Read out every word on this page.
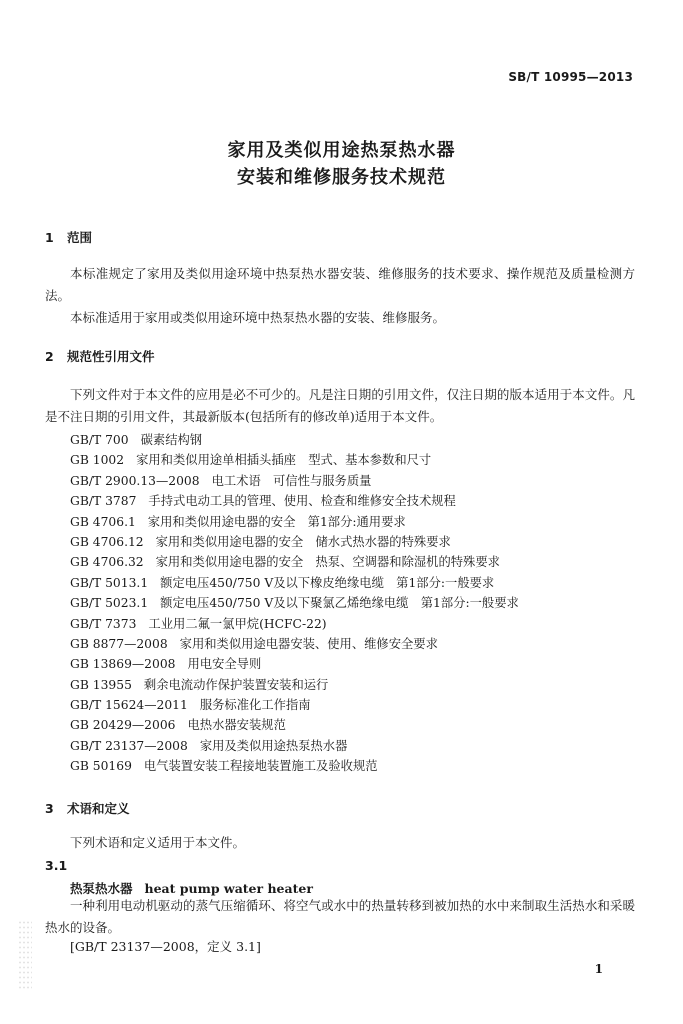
SB/T 10995—2013
家用及类似用途热泵热水器
安装和维修服务技术规范
1 范围
本标准规定了家用及类似用途环境中热泵热水器安装、维修服务的技术要求、操作规范及质量检测方法。
本标准适用于家用或类似用途环境中热泵热水器的安装、维修服务。
2 规范性引用文件
下列文件对于本文件的应用是必不可少的。凡是注日期的引用文件，仅注日期的版本适用于本文件。凡是不注日期的引用文件，其最新版本(包括所有的修改单)适用于本文件。
GB/T 700 碳素结构钢
GB 1002 家用和类似用途单相插头插座　型式、基本参数和尺寸
GB/T 2900.13—2008 电工术语　可信性与服务质量
GB/T 3787 手持式电动工具的管理、使用、检查和维修安全技术规程
GB 4706.1 家用和类似用途电器的安全　第1部分:通用要求
GB 4706.12 家用和类似用途电器的安全　储水式热水器的特殊要求
GB 4706.32 家用和类似用途电器的安全　热泵、空调器和除湿机的特殊要求
GB/T 5013.1 额定电压450/750 V及以下橡皮绝缘电缆　第1部分:一般要求
GB/T 5023.1 额定电压450/750 V及以下聚氯乙烯绝缘电缆　第1部分:一般要求
GB/T 7373 工业用二氟一氯甲烷(HCFC-22)
GB 8877—2008 家用和类似用途电器安装、使用、维修安全要求
GB 13869—2008 用电安全导则
GB 13955 剩余电流动作保护装置安装和运行
GB/T 15624—2011 服务标准化工作指南
GB 20429—2006 电热水器安装规范
GB/T 23137—2008 家用及类似用途热泵热水器
GB 50169 电气装置安装工程接地装置施工及验收规范
3 术语和定义
下列术语和定义适用于本文件。
3.1
热泵热水器 heat pump water heater
一种利用电动机驱动的蒸气压缩循环、将空气或水中的热量转移到被加热的水中来制取生活热水和采暖热水的设备。
[GB/T 23137—2008，定义 3.1]
1
